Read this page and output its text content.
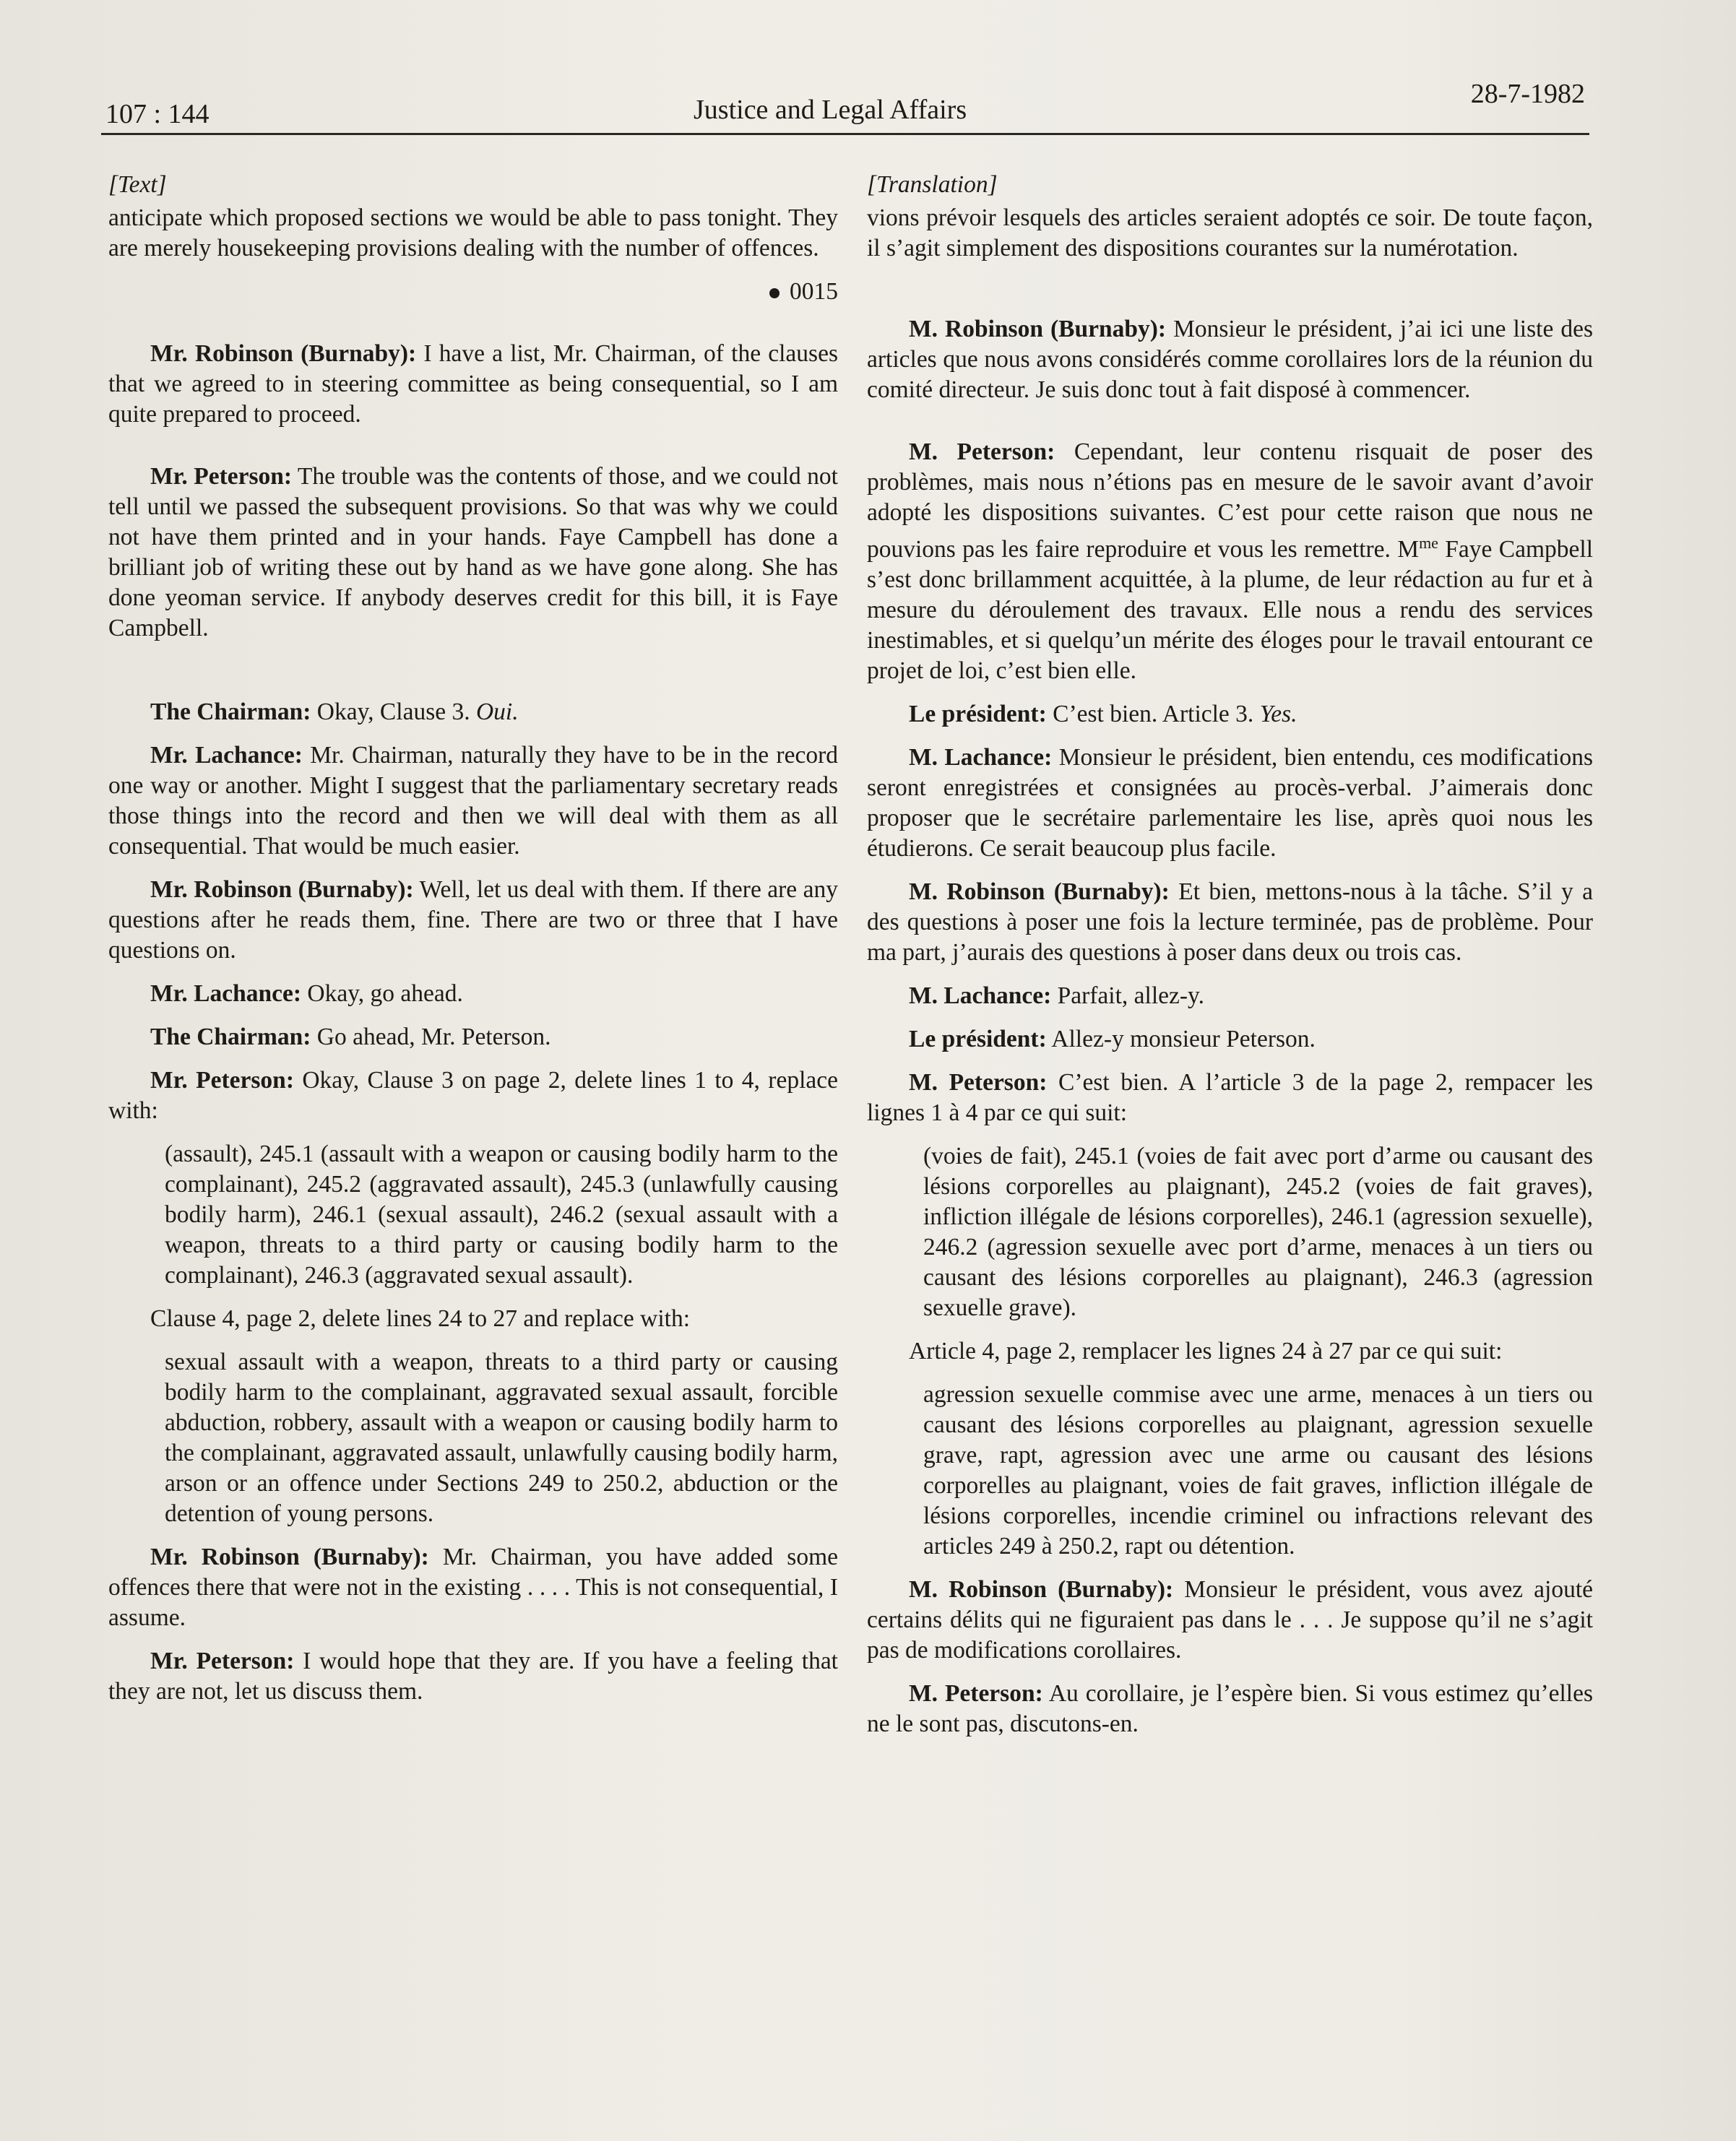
107 : 144	Justice and Legal Affairs
28-7-1982

[Text]

anticipate which proposed sections we would be able to pass tonight. They are merely housekeeping provisions dealing with the number of offences.

0015

Mr. Robinson (Burnaby): I have a list, Mr. Chairman, of the clauses that we agreed to in steering committee as being consequential, so I am quite prepared to proceed.

Mr. Peterson: The trouble was the contents of those, and we could not tell until we passed the subsequent provisions. So that was why we could not have them printed and in your hands. Faye Campbell has done a brilliant job of writing these out by hand as we have gone along. She has done yeoman service. If anybody deserves credit for this bill, it is Faye Campbell.

The Chairman: Okay, Clause 3. Oui.

Mr. Lachance: Mr. Chairman, naturally they have to be in the record one way or another. Might I suggest that the parliamentary secretary reads those things into the record and then we will deal with them as all consequential. That would be much easier.

Mr. Robinson (Burnaby): Well, let us deal with them. If there are any questions after he reads them, fine. There are two or three that I have questions on.

Mr. Lachance: Okay, go ahead.

The Chairman: Go ahead, Mr. Peterson.

Mr. Peterson: Okay, Clause 3 on page 2, delete lines 1 to 4, replace with:

(assault), 245.1 (assault with a weapon or causing bodily harm to the complainant), 245.2 (aggravated assault), 245.3 (unlawfully causing bodily harm), 246.1 (sexual assault), 246.2 (sexual assault with a weapon, threats to a third party or causing bodily harm to the complainant), 246.3 (aggravated sexual assault).

Clause 4, page 2, delete lines 24 to 27 and replace with:

sexual assault with a weapon, threats to a third party or causing bodily harm to the complainant, aggravated sexual assault, forcible abduction, robbery, assault with a weapon or causing bodily harm to the complainant, aggravated assault, unlawfully causing bodily harm, arson or an offence under Sections 249 to 250.2, abduction or the detention of young persons.

Mr. Robinson (Burnaby): Mr. Chairman, you have added some offences there that were not in the existing . . . . This is not consequential, I assume.

Mr. Peterson: I would hope that they are. If you have a feeling that they are not, let us discuss them.

[Translation]

vions prévoir lesquels des articles seraient adoptés ce soir. De toute façon, il s’agit simplement des dispositions courantes sur la numérotation.

M. Robinson (Burnaby): Monsieur le président, j’ai ici une liste des articles que nous avons considérés comme corollaires lors de la réunion du comité directeur. Je suis donc tout à fait disposé à commencer.

M. Peterson: Cependant, leur contenu risquait de poser des problèmes, mais nous n’étions pas en mesure de le savoir avant d’avoir adopté les dispositions suivantes. C’est pour cette raison que nous ne pouvions pas les faire reproduire et vous les remettre. $M^{me}$ Faye Campbell s’est donc brillamment acquittée, à la plume, de leur rédaction au fur et à mesure du déroulement des travaux. Elle nous a rendu des services inestimables, et si quelqu’un mérite des éloges pour le travail entourant ce projet de loi, c’est bien elle.

Le président: C’est bien. Article 3. Yes.

M. Lachance: Monsieur le président, bien entendu, ces modifications seront enregistrées et consignées au procès-verbal. J’aimerais donc proposer que le secrétaire parlementaire les lise, après quoi nous les étudierons. Ce serait beaucoup plus facile.

M. Robinson (Burnaby): Et bien, mettons-nous à la tâche. S’il y a des questions à poser une fois la lecture terminée, pas de problème. Pour ma part, j’aurais des questions à poser dans deux ou trois cas.

M. Lachance: Parfait, allez-y.

Le président: Allez-y monsieur Peterson.

M. Peterson: C’est bien. A l’article 3 de la page 2, rempacer les lignes 1 à 4 par ce qui suit:

(voies de fait), 245.1 (voies de fait avec port d’arme ou causant des lésions corporelles au plaignant), 245.2 (voies de fait graves), infliction illégale de lésions corporelles), 246.1 (agression sexuelle), 246.2 (agression sexuelle avec port d’arme, menaces à un tiers ou causant des lésions corporelles au plaignant), 246.3 (agression sexuelle grave).

Article 4, page 2, remplacer les lignes 24 à 27 par ce qui suit:

agression sexuelle commise avec une arme, menaces à un tiers ou causant des lésions corporelles au plaignant, agression sexuelle grave, rapt, agression avec une arme ou causant des lésions corporelles au plaignant, voies de fait graves, infliction illégale de lésions corporelles, incendie criminel ou infractions relevant des articles 249 à 250.2, rapt ou détention.

M. Robinson (Burnaby): Monsieur le président, vous avez ajouté certains délits qui ne figuraient pas dans le . . . Je suppose qu’il ne s’agit pas de modifications corollaires.

M. Peterson: Au corollaire, je l’espère bien. Si vous estimez qu’elles ne le sont pas, discutons-en.
